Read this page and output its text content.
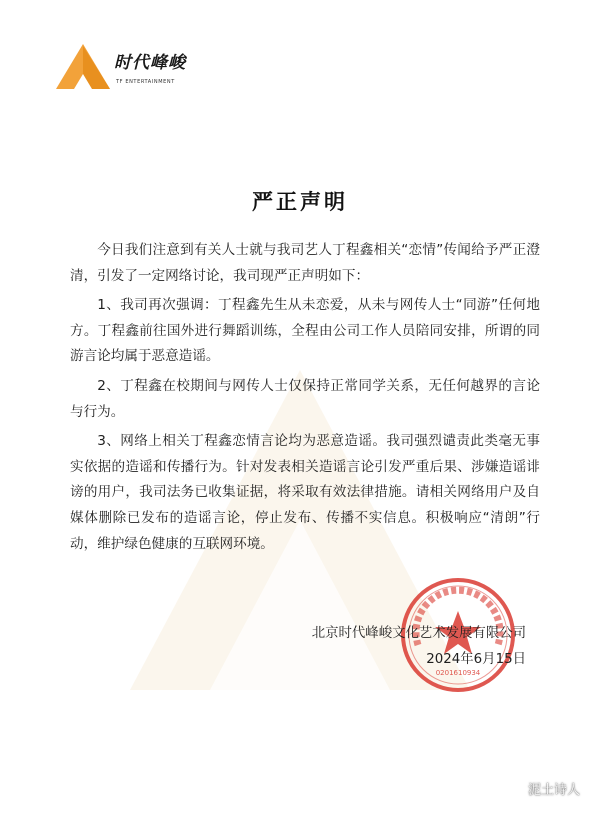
时代峰峻
TF ENTERTAINMENT
严正声明

今日我们注意到有关人士就与我司艺人丁程鑫相关“恋情”传闻给予严正澄清，引发了一定网络讨论，我司现严正声明如下：

1、我司再次强调：丁程鑫先生从未恋爱，从未与网传人士“同游”任何地方。丁程鑫前往国外进行舞蹈训练，全程由公司工作人员陪同安排，所谓的同游言论均属于恶意造谣。

2、丁程鑫在校期间与网传人士仅保持正常同学关系，无任何越界的言论与行为。

3、网络上相关丁程鑫恋情言论均为恶意造谣。我司强烈谴责此类毫无事实依据的造谣和传播行为。针对发表相关造谣言论引发严重后果、涉嫌造谣诽谤的用户，我司法务已收集证据，将采取有效法律措施。请相关网络用户及自媒体删除已发布的造谣言论，停止发布、传播不实信息。积极响应“清朗”行动，维护绿色健康的互联网环境。

0201610934
北京时代峰峻文化艺术发展有限公司
2024年6月15日
泥土诗人
